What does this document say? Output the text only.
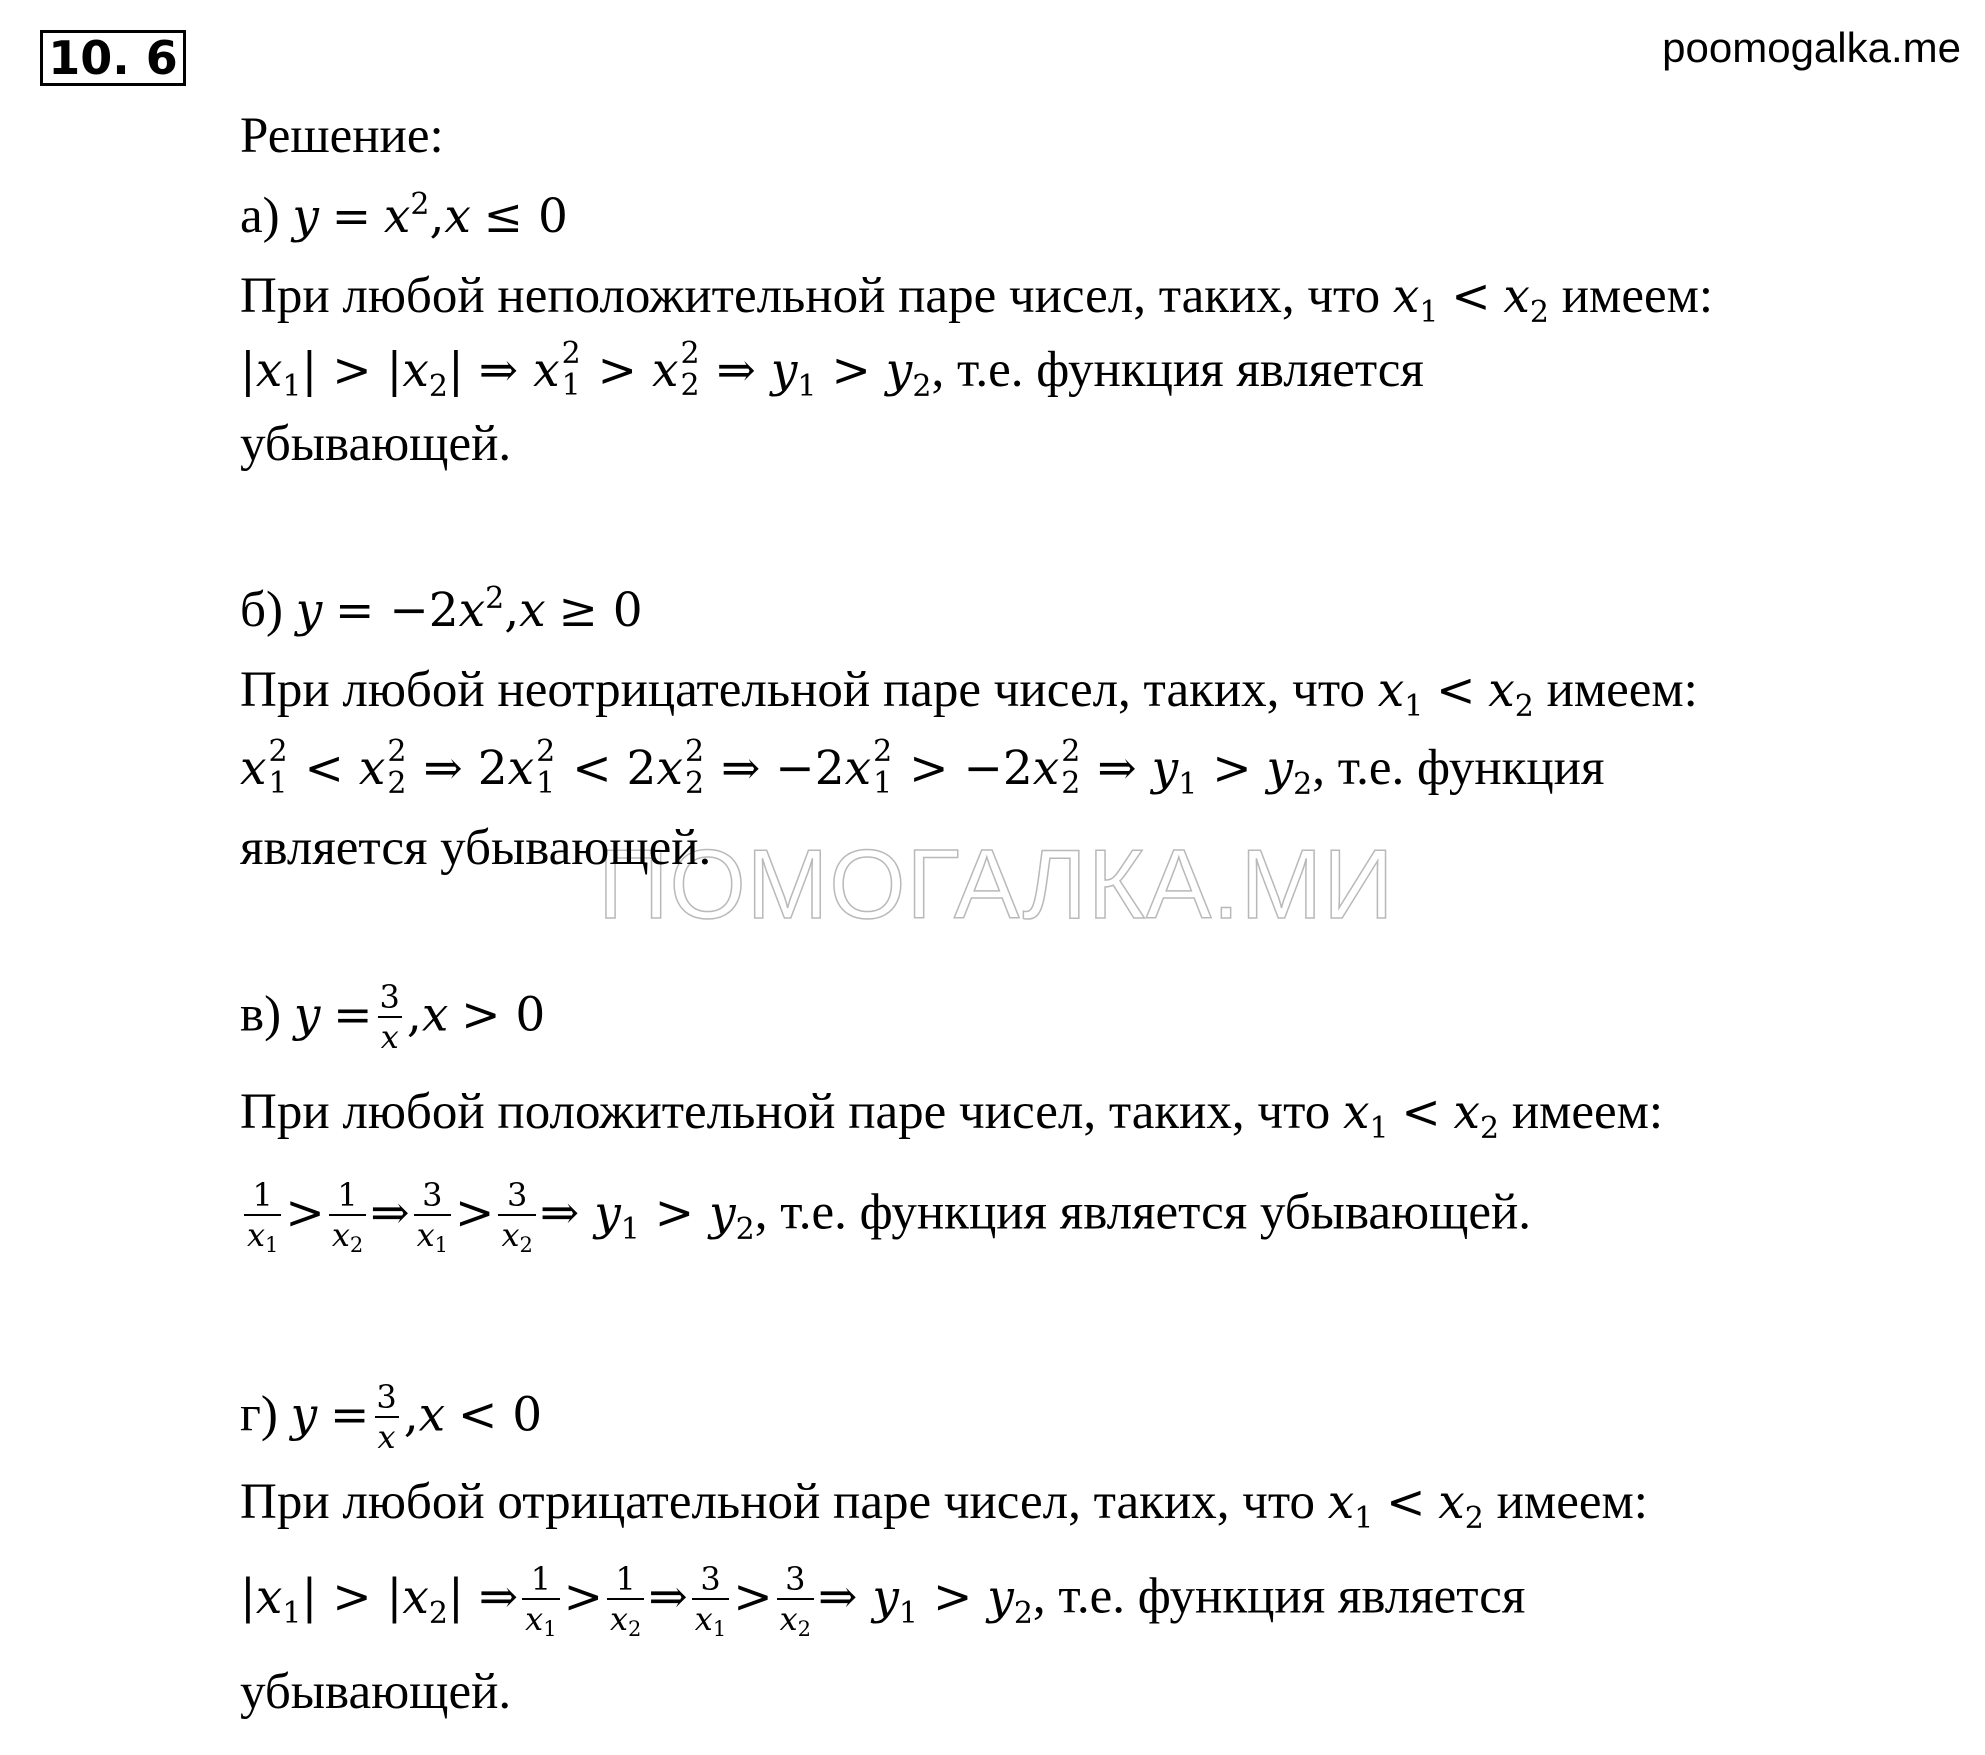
10. 6	poomogalka.me
ПОМОГАЛКА.МИ
Решение:
а) $y = x^2,x \le 0$
При любой неположительной паре чисел, таких, что $x_1 < x_2$ имеем:
$|x_1| > |x_2|$ ⇒ x 2
1 > x 2
2 ⇒ $y_1 > y_2$, т.е. функция является
убывающей.
б) $y = -2x^2,x \ge 0$
При любой неотрицательной паре чисел, таких, что $x_1 < x_2$ имеем:
x 2
1 < x 2
2 ⇒ 2x 2
1 < 2x 2
2 ⇒ −2x 2
1 > −2x 2
2 ⇒ $y_1 > y_2$, т.е. функция
является убывающей.
в) $y = \frac{3}{x} ,x > 0$
При любой положительной паре чисел, таких, что $x_1 < x_2$ имеем:
$\frac{1}{x_1} > \frac{1}{x_2}$ ⇒ $\frac{3}{x_1} > \frac{3}{x_2}$ ⇒ $y_1 > y_2$, т.е. функция является убывающей.
г) $y = \frac{3}{x} ,x < 0$
При любой отрицательной паре чисел, таких, что $x_1 < x_2$ имеем:
$|x_1| > |x_2|$ ⇒ $\frac{1}{x_1} > \frac{1}{x_2}$ ⇒ $\frac{3}{x_1} > \frac{3}{x_2}$ ⇒ $y_1 > y_2$, т.е. функция является
убывающей.
